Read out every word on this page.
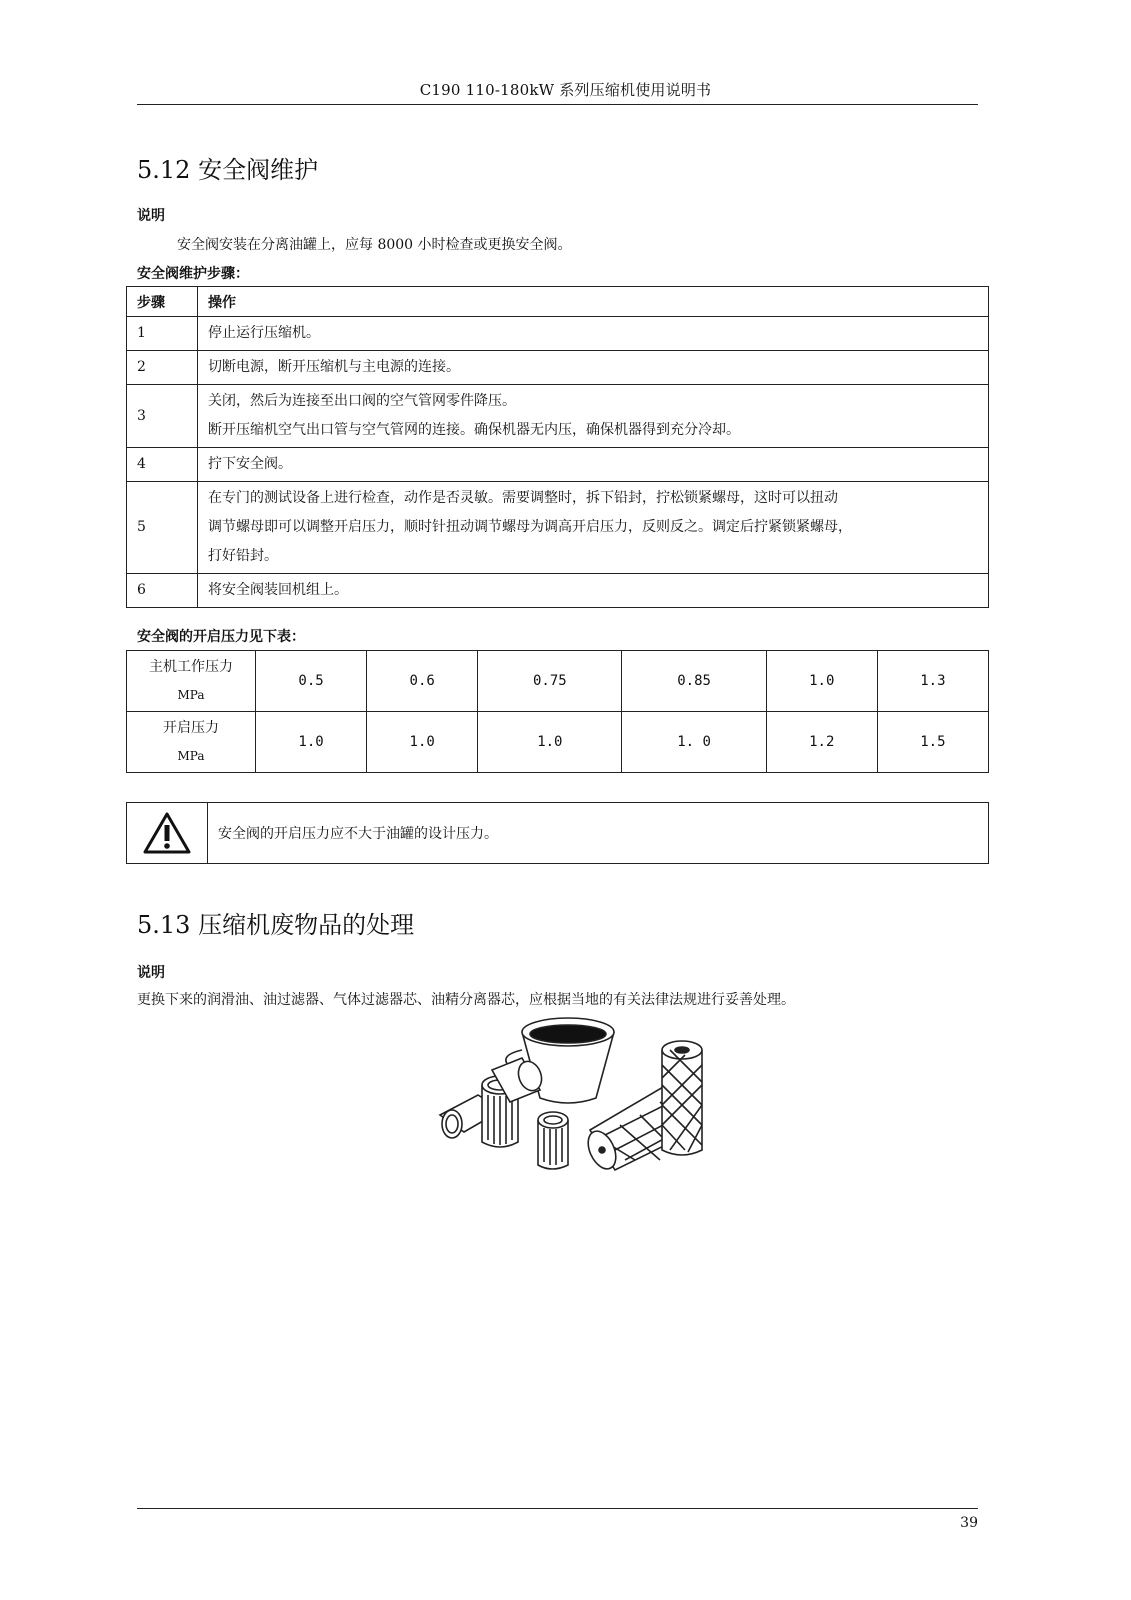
C190 110-180kW 系列压缩机使用说明书
5.12 安全阀维护
说明
安全阀安装在分离油罐上，应每 8000 小时检查或更换安全阀。
安全阀维护步骤：
步骤	操作
1	停止运行压缩机。

2	切断电源，断开压缩机与主电源的连接。

3	关闭，然后为连接至出口阀的空气管网零件降压。
断开压缩机空气出口管与空气管网的连接。确保机器无内压，确保机器得到充分冷却。

4	拧下安全阀。

5	在专门的测试设备上进行检查，动作是否灵敏。需要调整时，拆下铅封，拧松锁紧螺母，这时可以扭动
调节螺母即可以调整开启压力，顺时针扭动调节螺母为调高开启压力，反则反之。调定后拧紧锁紧螺母，
打好铅封。

6	将安全阀装回机组上。
安全阀的开启压力见下表：
主机工作压力
MPa	0.5	0.6	0.75	0.85	1.0	1.3
开启压力
MPa	1.0	1.0	1.0	1. 0	1.2	1.5
安全阀的开启压力应不大于油罐的设计压力。
5.13 压缩机废物品的处理
说明
更换下来的润滑油、油过滤器、气体过滤器芯、油精分离器芯，应根据当地的有关法律法规进行妥善处理。
39
